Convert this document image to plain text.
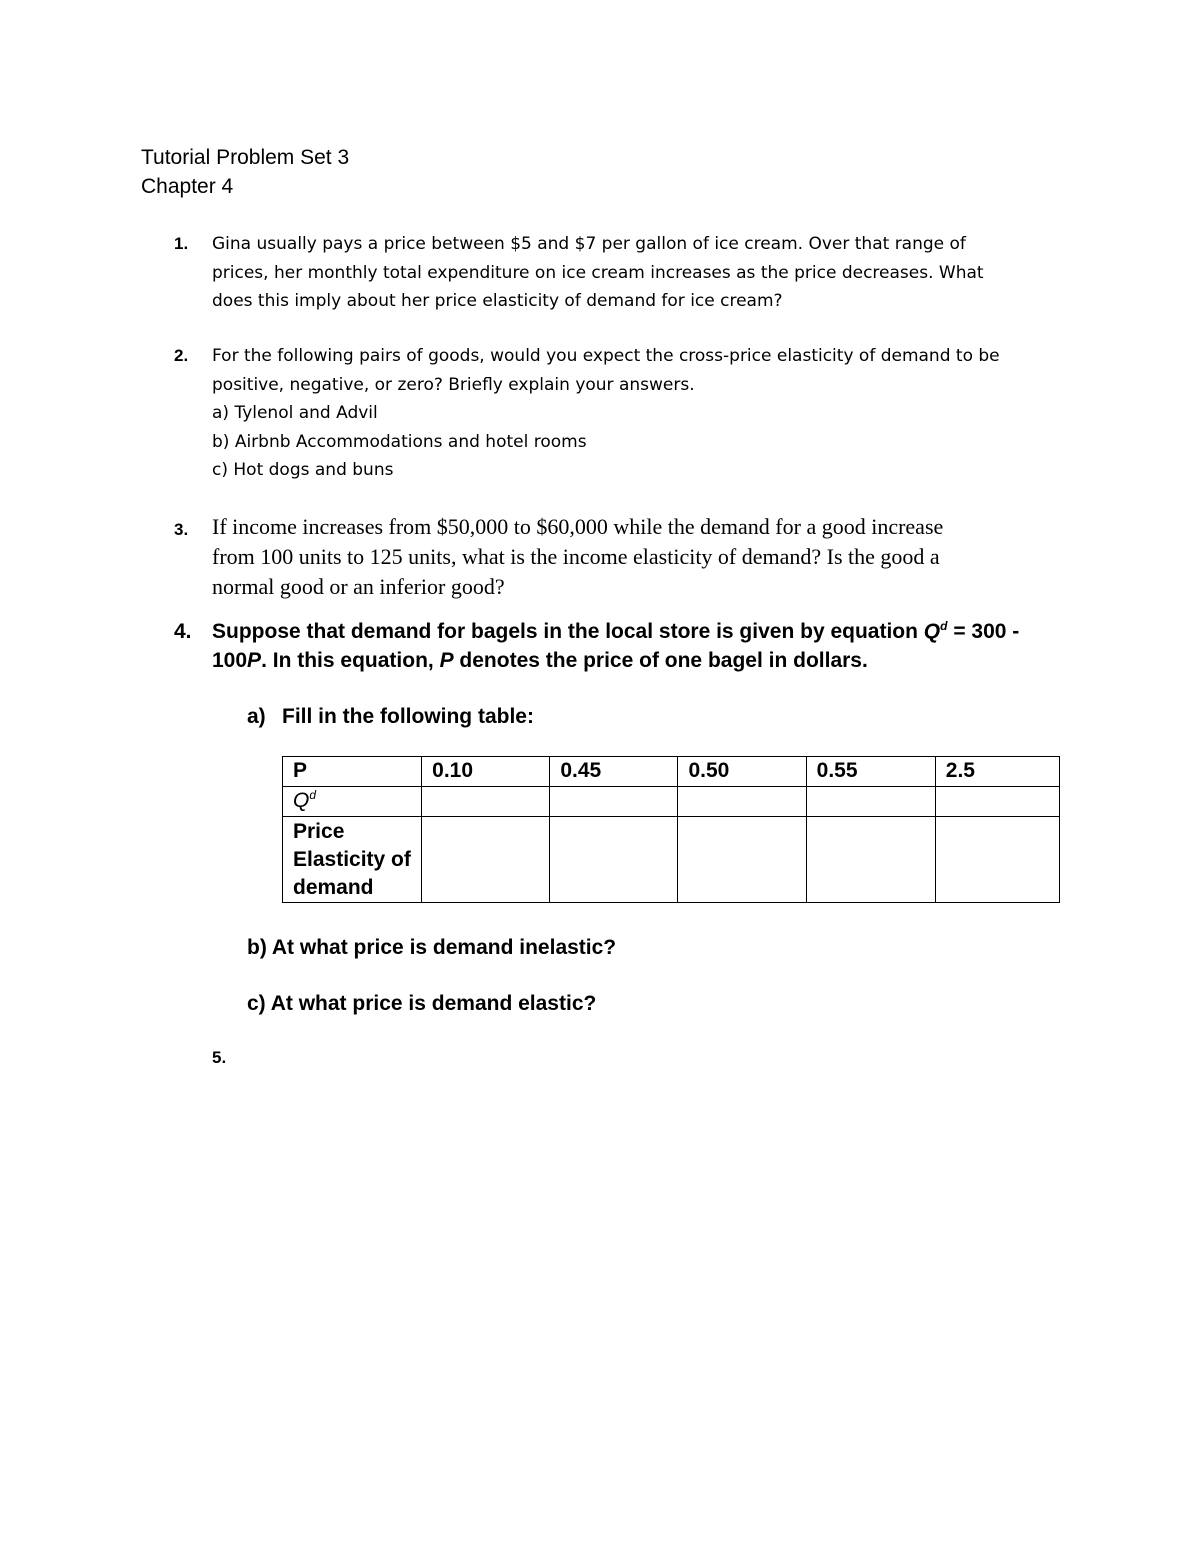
Tutorial Problem Set 3
Chapter 4
1. Gina usually pays a price between $5 and $7 per gallon of ice cream. Over that range of
prices, her monthly total expenditure on ice cream increases as the price decreases. What
does this imply about her price elasticity of demand for ice cream?
2. For the following pairs of goods, would you expect the cross-price elasticity of demand to be
positive, negative, or zero? Briefly explain your answers.
a) Tylenol and Advil
b) Airbnb Accommodations and hotel rooms
c) Hot dogs and buns
3. If income increases from $50,000 to $60,000 while the demand for a good increase
from 100 units to 125 units, what is the income elasticity of demand? Is the good a
normal good or an inferior good?
4. Suppose that demand for bagels in the local store is given by equation $Q^d = 300$ -
100P. In this equation, P denotes the price of one bagel in dollars.
a) Fill in the following table:
P	0.10	0.45	0.50	0.55	2.5
$Q^d$					

Price
Elasticity of
demand					

b) At what price is demand inelastic?
c) At what price is demand elastic?
5.
